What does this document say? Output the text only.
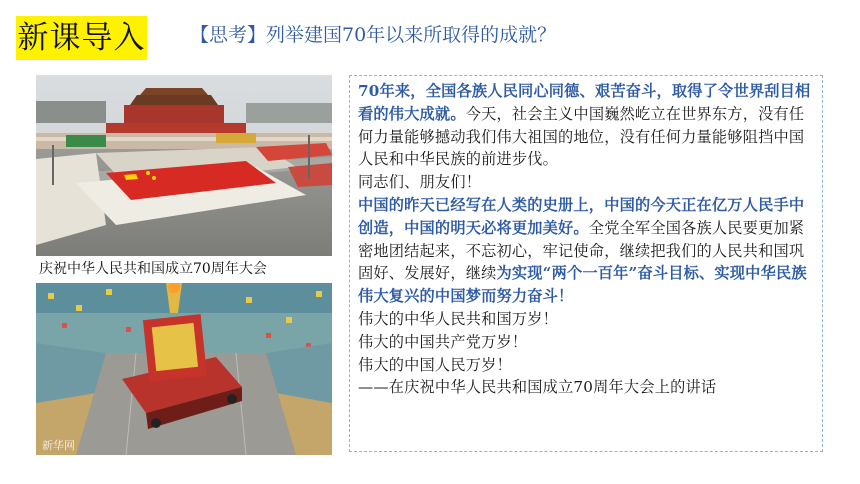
新课导入 【思考】列举建国70年以来所取得的成就？
庆祝中华人民共和国成立70周年大会
新华网

70年来，全国各族人民同心同德、艰苦奋斗，取得了令世界刮目相看的伟大成就。今天，社会主义中国巍然屹立在世界东方，没有任何力量能够撼动我们伟大祖国的地位，没有任何力量能够阻挡中国人民和中华民族的前进步伐。

同志们、朋友们！

中国的昨天已经写在人类的史册上，中国的今天正在亿万人民手中创造，中国的明天必将更加美好。全党全军全国各族人民要更加紧密地团结起来，不忘初心，牢记使命，继续把我们的人民共和国巩固好、发展好，继续为实现“两个一百年”奋斗目标、实现中华民族伟大复兴的中国梦而努力奋斗！

伟大的中华人民共和国万岁！

伟大的中国共产党万岁！

伟大的中国人民万岁！

——在庆祝中华人民共和国成立70周年大会上的讲话
